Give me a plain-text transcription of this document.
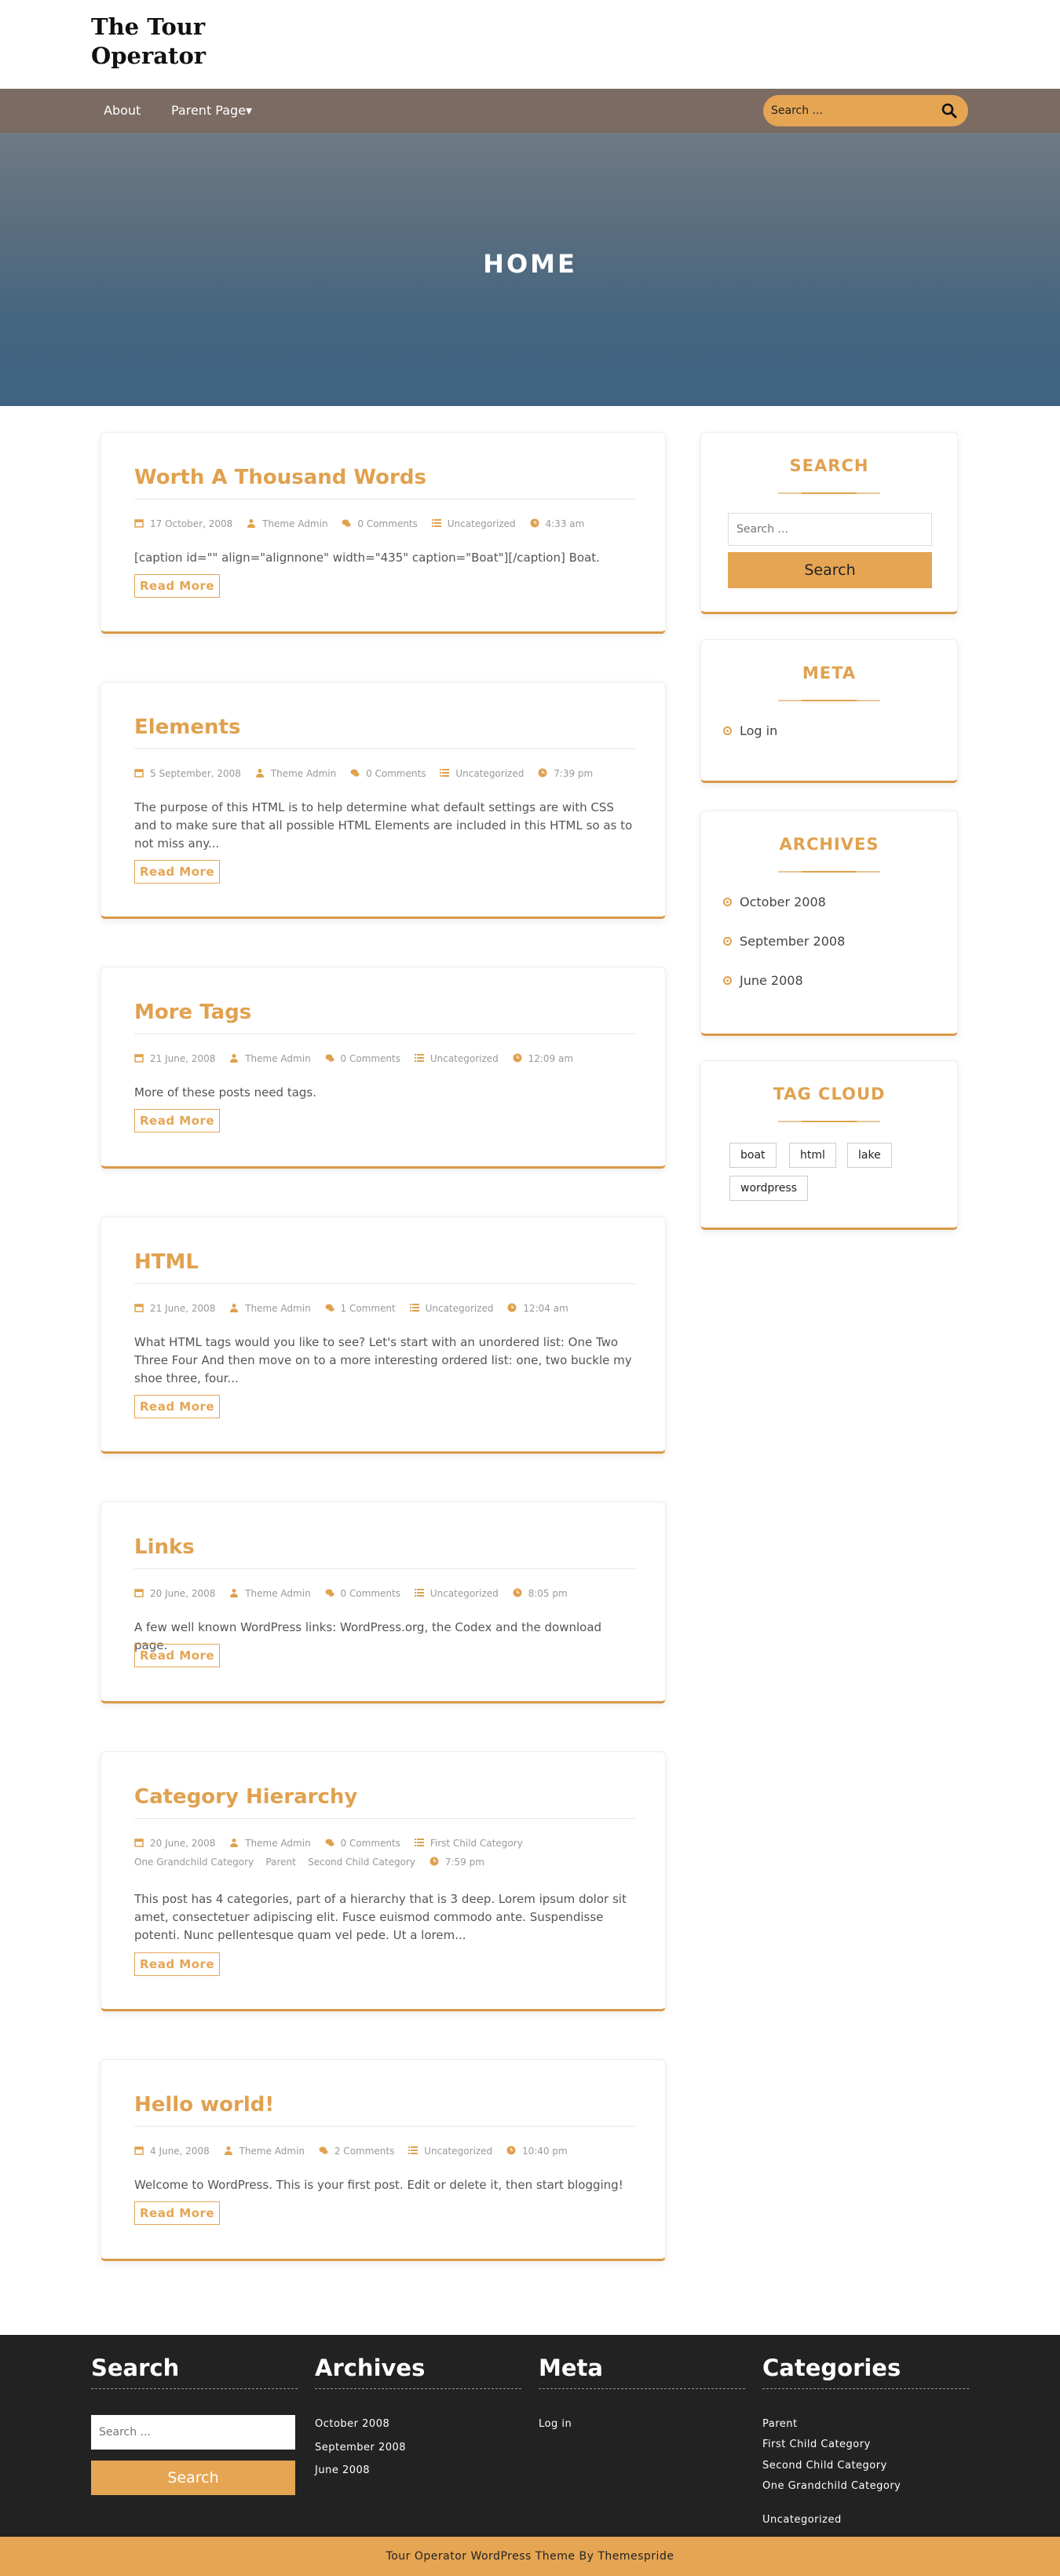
The Tour Operator
About Parent Page▾
Search ...
HOME
Worth A Thousand Words
17 October, 2008	Theme Admin	0 Comments	Uncategorized	4:33 am

[caption id="" align="alignnone" width="435" caption="Boat"][/caption] Boat.

Read More
Elements
5 September, 2008	Theme Admin	0 Comments	Uncategorized	7:39 pm

The purpose of this HTML is to help determine what default settings are with CSS and to make sure that all possible HTML Elements are included in this HTML so as to not miss any...

Read More
More Tags
21 June, 2008	Theme Admin	0 Comments	Uncategorized	12:09 am

More of these posts need tags.

Read More
HTML
21 June, 2008	Theme Admin	1 Comment	Uncategorized	12:04 am

What HTML tags would you like to see? Let's start with an unordered list: One Two Three Four And then move on to a more interesting ordered list: one, two buckle my shoe three, four...

Read More
Links
20 June, 2008	Theme Admin	0 Comments	Uncategorized	8:05 pm

A few well known WordPress links: WordPress.org, the Codex and the download page.

Read More
Category Hierarchy
20 June, 2008	Theme Admin	0 Comments	First Child Category One Grandchild Category    Parent    Second Child Category	7:59 pm

This post has 4 categories, part of a hierarchy that is 3 deep. Lorem ipsum dolor sit amet, consectetuer adipiscing elit. Fusce euismod commodo ante. Suspendisse potenti. Nunc pellentesque quam vel pede. Ut a lorem...

Read More
Hello world!
4 June, 2008	Theme Admin	2 Comments	Uncategorized	10:40 pm

Welcome to WordPress. This is your first post. Edit or delete it, then start blogging!

Read More
SEARCH
Search ...
Search
META
Log in
ARCHIVES
October 2008
September 2008
June 2008
TAG CLOUD
boat	html	lake
wordpress
Search
Search ...
Search
Archives
October 2008
September 2008
June 2008
Meta
Log in
Categories
Parent
First Child Category
Second Child Category
One Grandchild Category
Uncategorized
Tour Operator WordPress Theme By Themespride
